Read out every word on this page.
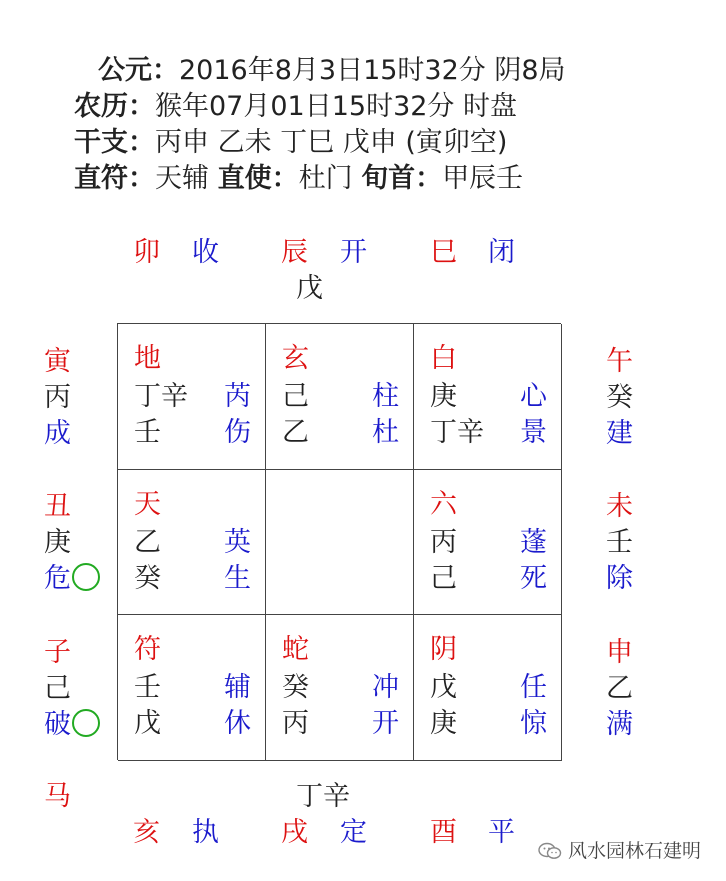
公元：2016年8月3日15时32分 阴8局
农历：猴年07月01日15时32分 时盘
干支：丙申 乙未 丁巳 戊申 (寅卯空)
直符：天辅 直使：杜门 旬首：甲辰壬
卯 收 辰 开 巳 闭
戊
寅
丙
成
丑
庚
危
子
己
破
午
癸
建
未
壬
除
申
乙
满
地
丁辛 芮
壬 伤
玄
己 柱
乙 杜
白
庚 心
丁辛 景
天
乙 英
癸 生
六
丙 蓬
己 死
符
壬 辅
戊 休
蛇
癸 冲
丙 开
阴
戊 任
庚 惊
丁辛
马
亥 执 戌 定 酉 平
风水园林石建明
